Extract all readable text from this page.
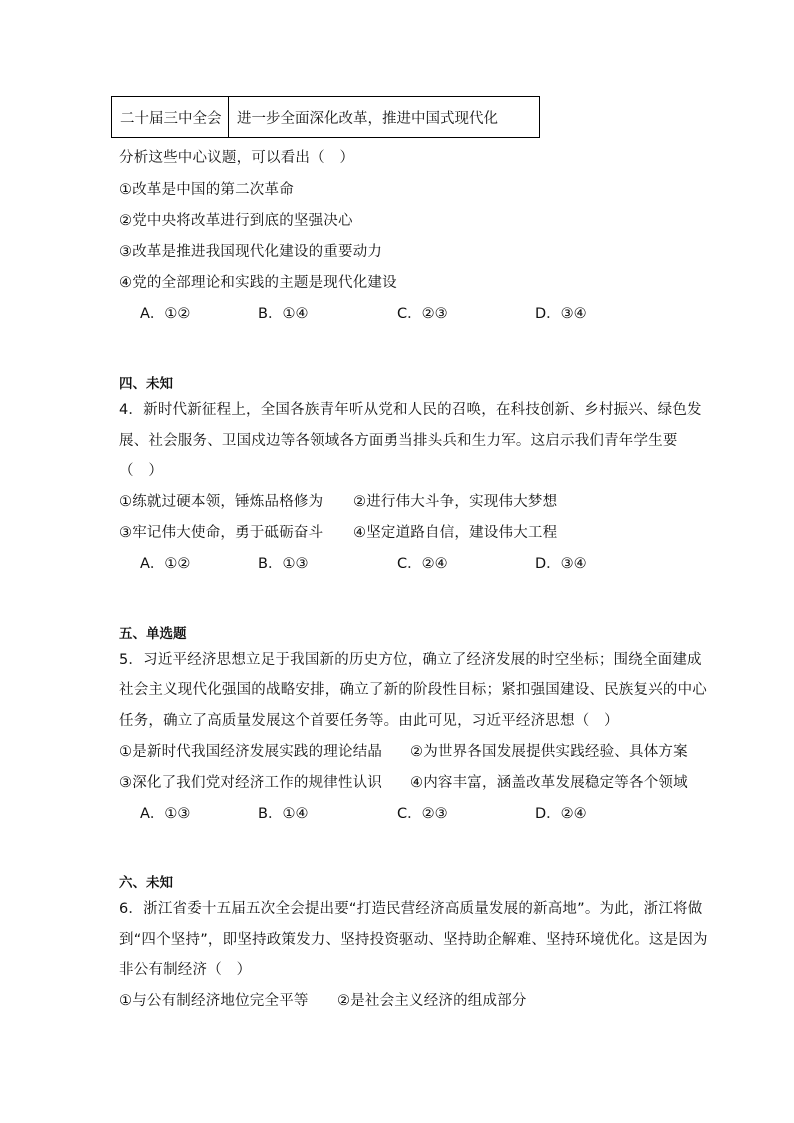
二十届三中全会	进一步全面深化改革，推进中国式现代化
分析这些中心议题，可以看出（　）
①改革是中国的第二次革命
②党中央将改革进行到底的坚强决心
③改革是推进我国现代化建设的重要动力
④党的全部理论和实践的主题是现代化建设
A．①②	B．①④	C．②③	D．③④
四、未知
4．新时代新征程上，全国各族青年听从党和人民的召唤，在科技创新、乡村振兴、绿色发
展、社会服务、卫国戍边等各领域各方面勇当排头兵和生力军。这启示我们青年学生要
（　）
①练就过硬本领，锤炼品格修为 ②进行伟大斗争，实现伟大梦想
③牢记伟大使命，勇于砥砺奋斗 ④坚定道路自信，建设伟大工程
A．①②	B．①③	C．②④	D．③④
五、单选题
5．习近平经济思想立足于我国新的历史方位，确立了经济发展的时空坐标；围绕全面建成
社会主义现代化强国的战略安排，确立了新的阶段性目标；紧扣强国建设、民族复兴的中心
任务，确立了高质量发展这个首要任务等。由此可见，习近平经济思想（　）
①是新时代我国经济发展实践的理论结晶 ②为世界各国发展提供实践经验、具体方案
③深化了我们党对经济工作的规律性认识 ④内容丰富，涵盖改革发展稳定等各个领域
A．①③	B．①④	C．②③	D．②④
六、未知
6．浙江省委十五届五次全会提出要“打造民营经济高质量发展的新高地”。为此，浙江将做
到“四个坚持”，即坚持政策发力、坚持投资驱动、坚持助企解难、坚持环境优化。这是因为
非公有制经济（　）
①与公有制经济地位完全平等 ②是社会主义经济的组成部分
